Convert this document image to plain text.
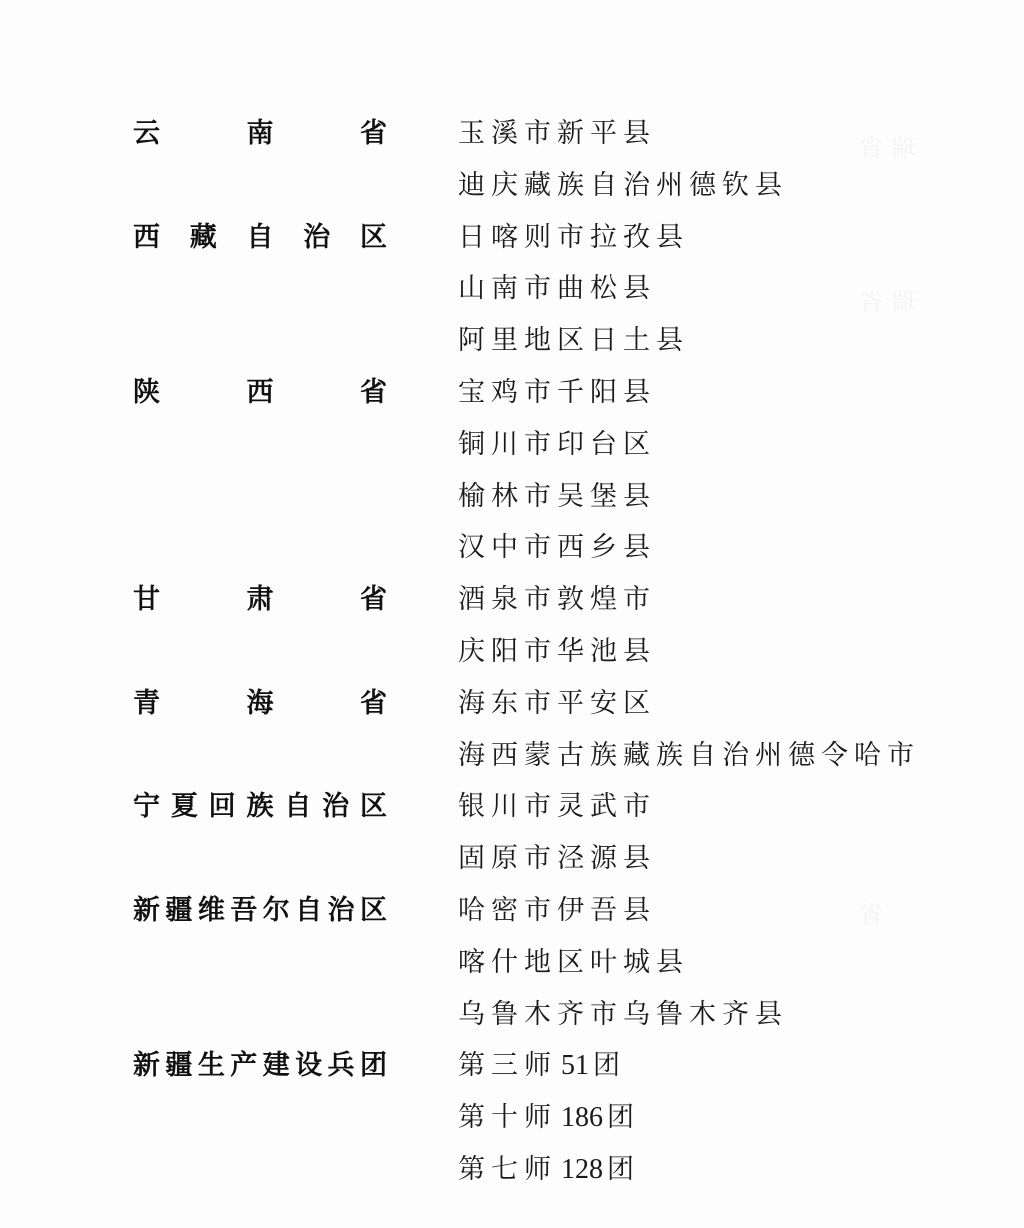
云	南	省	玉溪市新平县
迪庆藏族自治州德钦县
西 藏 自 治 区	日喀则市拉孜县
山南市曲松县
阿里地区日土县
陕	西	省	宝鸡市千阳县
铜川市印台区
榆林市吴堡县
汉中市西乡县
甘	肃	省	酒泉市敦煌市
庆阳市华池县
青	海	省	海东市平安区
海西蒙古族藏族自治州德令哈市
宁 夏 回 族 自 治 区	银川市灵武市
固原市泾源县
新 疆 维 吾 尔 自 治 区	哈密市伊吾县
喀什地区叶城县
乌鲁木齐市乌鲁木齐县
新 疆 生 产 建 设 兵 团	第三师 51 团
第十师 186 团
第七师 128 团
